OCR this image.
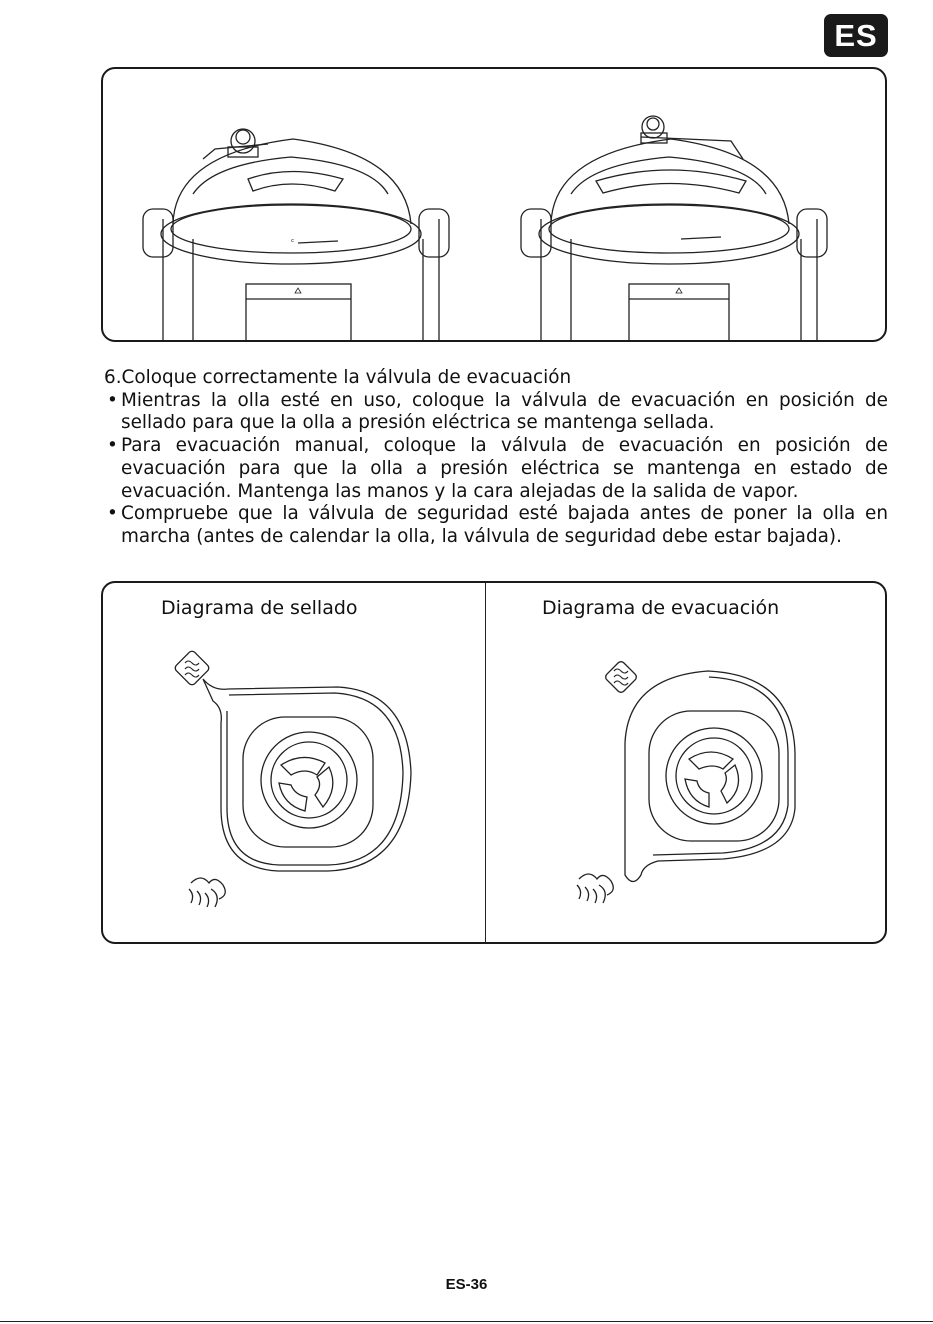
ES
ᶜ

6.Coloque correctamente la válvula de evacuación

• Mientras la olla esté en uso, coloque la válvula de evacuación en posición de sellado para que la olla a presión eléctrica se mantenga sellada.
• Para evacuación manual, coloque la válvula de evacuación en posición de evacuación para que la olla a presión eléctrica se mantenga en estado de evacuación. Mantenga las manos y la cara alejadas de la salida de vapor.
• Compruebe que la válvula de seguridad esté bajada antes de poner la olla en marcha (antes de calendar la olla, la válvula de seguridad debe estar bajada).
Diagrama de sellado	Diagrama de evacuación
ES-36
